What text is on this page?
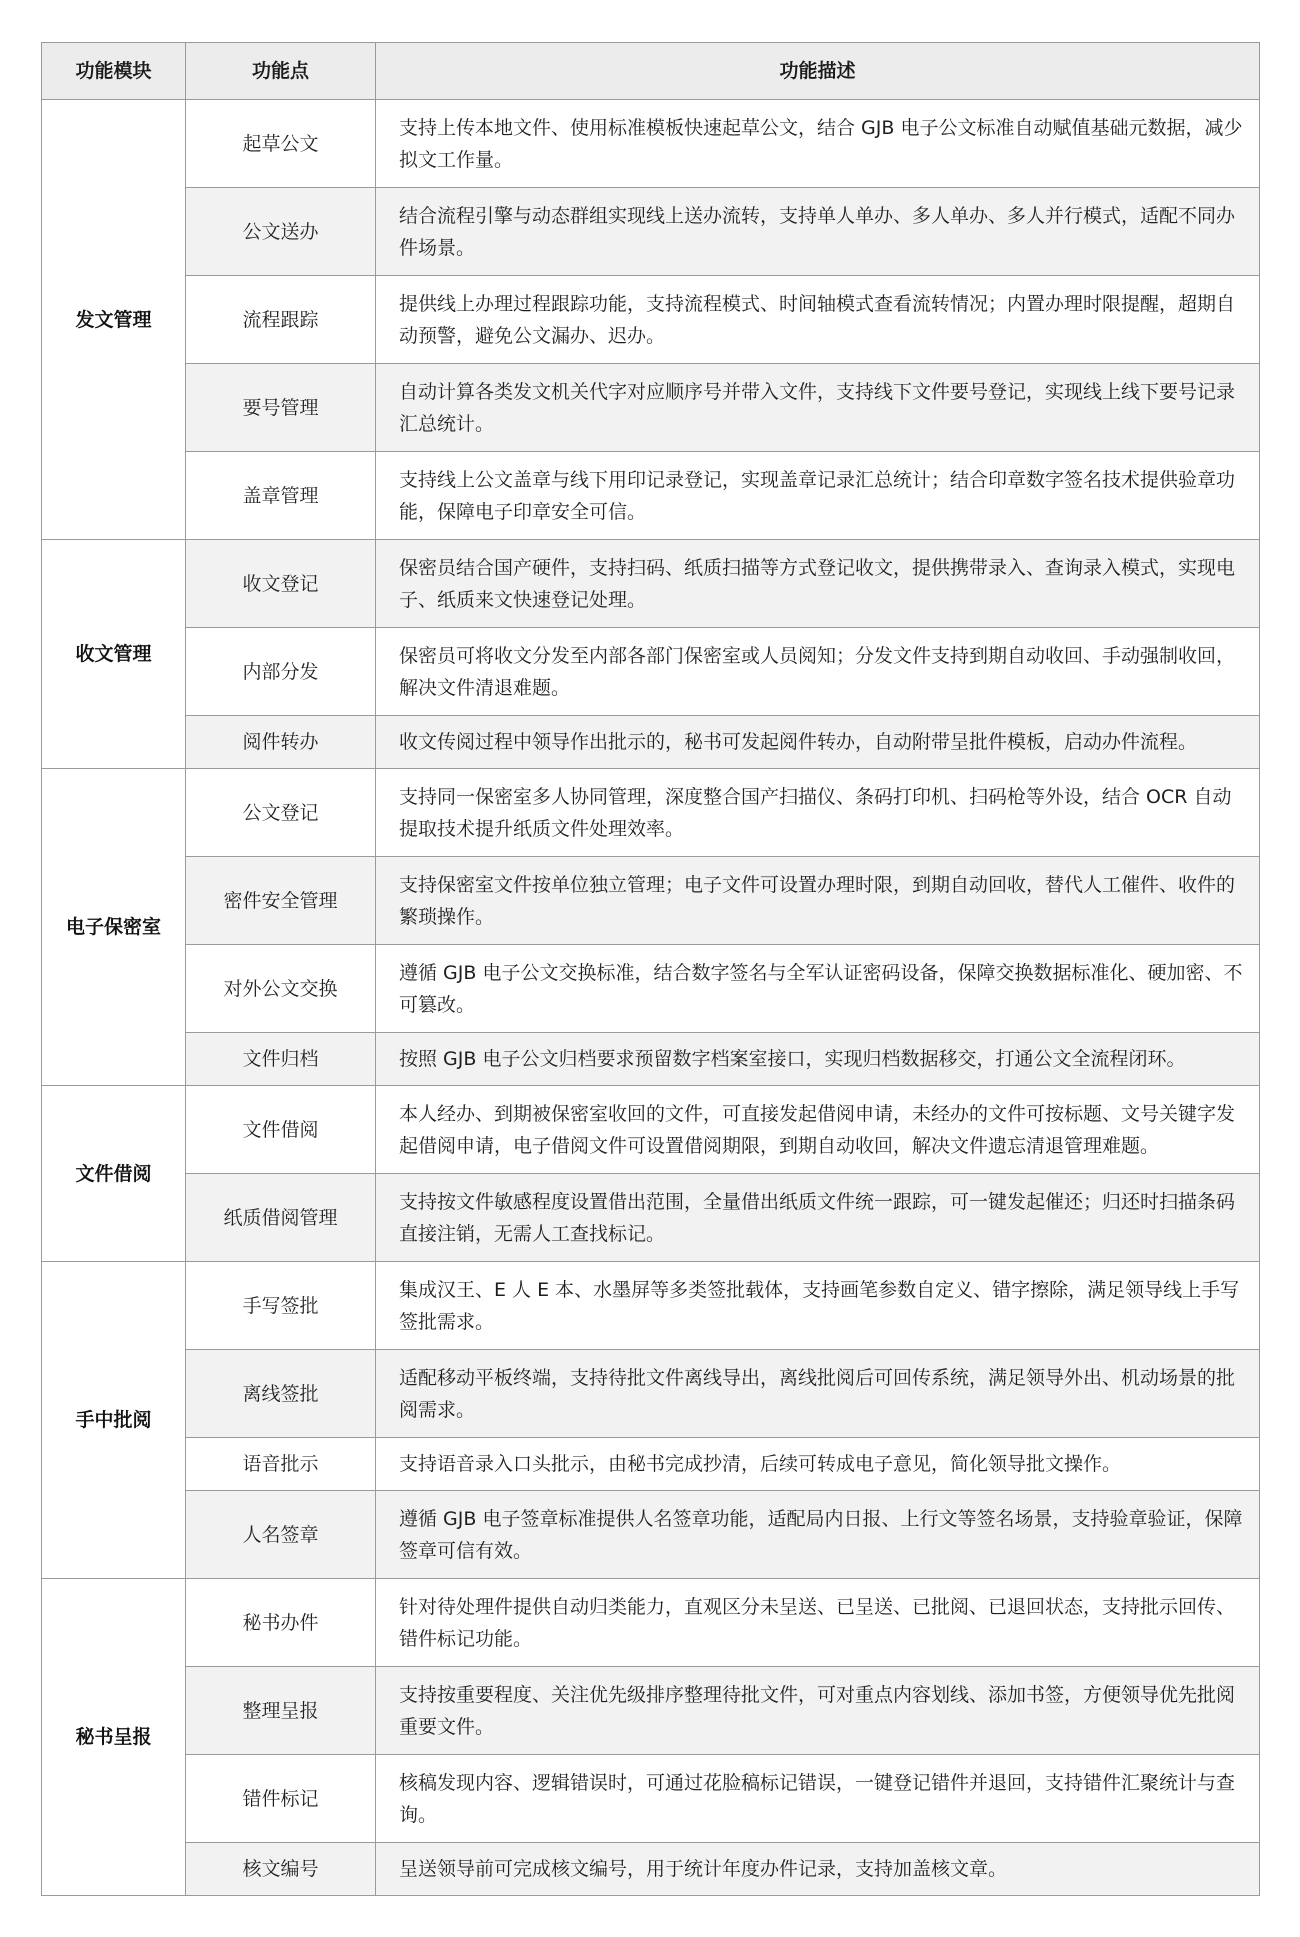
功能模块	功能点	功能描述
发文管理	起草公文	支持上传本地文件、使用标准模板快速起草公文，结合 GJB 电子公文标准自动赋值基础元数据，减少拟文工作量。
	公文送办	结合流程引擎与动态群组实现线上送办流转，支持单人单办、多人单办、多人并行模式，适配不同办件场景。
	流程跟踪	提供线上办理过程跟踪功能，支持流程模式、时间轴模式查看流转情况；内置办理时限提醒，超期自动预警，避免公文漏办、迟办。
	要号管理	自动计算各类发文机关代字对应顺序号并带入文件，支持线下文件要号登记，实现线上线下要号记录汇总统计。
	盖章管理	支持线上公文盖章与线下用印记录登记，实现盖章记录汇总统计；结合印章数字签名技术提供验章功能，保障电子印章安全可信。
收文管理	收文登记	保密员结合国产硬件，支持扫码、纸质扫描等方式登记收文，提供携带录入、查询录入模式，实现电子、纸质来文快速登记处理。
	内部分发	保密员可将收文分发至内部各部门保密室或人员阅知；分发文件支持到期自动收回、手动强制收回，解决文件清退难题。
	阅件转办	收文传阅过程中领导作出批示的，秘书可发起阅件转办，自动附带呈批件模板，启动办件流程。
电子保密室	公文登记	支持同一保密室多人协同管理，深度整合国产扫描仪、条码打印机、扫码枪等外设，结合 OCR 自动提取技术提升纸质文件处理效率。
	密件安全管理	支持保密室文件按单位独立管理；电子文件可设置办理时限，到期自动回收，替代人工催件、收件的繁琐操作。
	对外公文交换	遵循 GJB 电子公文交换标准，结合数字签名与全军认证密码设备，保障交换数据标准化、硬加密、不可篡改。
	文件归档	按照 GJB 电子公文归档要求预留数字档案室接口，实现归档数据移交，打通公文全流程闭环。
文件借阅	文件借阅	本人经办、到期被保密室收回的文件，可直接发起借阅申请，未经办的文件可按标题、文号关键字发起借阅申请，电子借阅文件可设置借阅期限，到期自动收回，解决文件遗忘清退管理难题。
	纸质借阅管理	支持按文件敏感程度设置借出范围，全量借出纸质文件统一跟踪，可一键发起催还；归还时扫描条码直接注销，无需人工查找标记。
手中批阅	手写签批	集成汉王、E 人 E 本、水墨屏等多类签批载体，支持画笔参数自定义、错字擦除，满足领导线上手写签批需求。
	离线签批	适配移动平板终端，支持待批文件离线导出，离线批阅后可回传系统，满足领导外出、机动场景的批阅需求。
	语音批示	支持语音录入口头批示，由秘书完成抄清，后续可转成电子意见，简化领导批文操作。
	人名签章	遵循 GJB 电子签章标准提供人名签章功能，适配局内日报、上行文等签名场景，支持验章验证，保障签章可信有效。
秘书呈报	秘书办件	针对待处理件提供自动归类能力，直观区分未呈送、已呈送、已批阅、已退回状态，支持批示回传、错件标记功能。
	整理呈报	支持按重要程度、关注优先级排序整理待批文件，可对重点内容划线、添加书签，方便领导优先批阅重要文件。
	错件标记	核稿发现内容、逻辑错误时，可通过花脸稿标记错误，一键登记错件并退回，支持错件汇聚统计与查询。
	核文编号	呈送领导前可完成核文编号，用于统计年度办件记录，支持加盖核文章。
